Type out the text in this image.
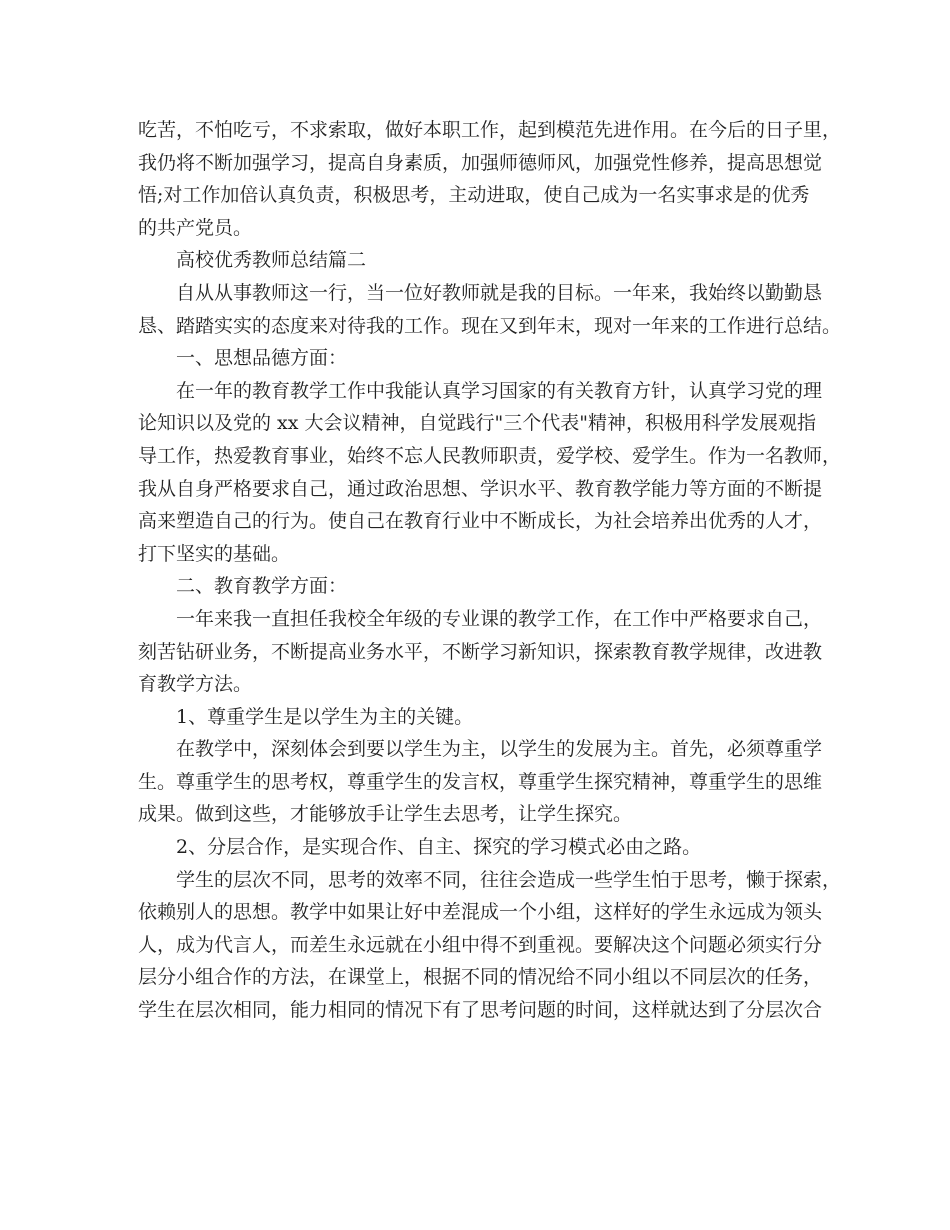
吃苦，不怕吃亏，不求索取，做好本职工作，起到模范先进作用。在今后的日子里，
我仍将不断加强学习，提高自身素质，加强师德师风，加强党性修养，提高思想觉
悟;对工作加倍认真负责，积极思考，主动进取，使自己成为一名实事求是的优秀
的共产党员。
高校优秀教师总结篇二
自从从事教师这一行，当一位好教师就是我的目标。一年来，我始终以勤勤恳
恳、踏踏实实的态度来对待我的工作。现在又到年末，现对一年来的工作进行总结。
一、思想品德方面：
在一年的教育教学工作中我能认真学习国家的有关教育方针，认真学习党的理
论知识以及党的 xx 大会议精神，自觉践行"三个代表"精神，积极用科学发展观指
导工作，热爱教育事业，始终不忘人民教师职责，爱学校、爱学生。作为一名教师，
我从自身严格要求自己，通过政治思想、学识水平、教育教学能力等方面的不断提
高来塑造自己的行为。使自己在教育行业中不断成长，为社会培养出优秀的人才，
打下坚实的基础。
二、教育教学方面：
一年来我一直担任我校全年级的专业课的教学工作，在工作中严格要求自己，
刻苦钻研业务，不断提高业务水平，不断学习新知识，探索教育教学规律，改进教
育教学方法。
1、尊重学生是以学生为主的关键。
在教学中，深刻体会到要以学生为主，以学生的发展为主。首先，必须尊重学
生。尊重学生的思考权，尊重学生的发言权，尊重学生探究精神，尊重学生的思维
成果。做到这些，才能够放手让学生去思考，让学生探究。
2、分层合作，是实现合作、自主、探究的学习模式必由之路。
学生的层次不同，思考的效率不同，往往会造成一些学生怕于思考，懒于探索，
依赖别人的思想。教学中如果让好中差混成一个小组，这样好的学生永远成为领头
人，成为代言人，而差生永远就在小组中得不到重视。要解决这个问题必须实行分
层分小组合作的方法，在课堂上，根据不同的情况给不同小组以不同层次的任务，
学生在层次相同，能力相同的情况下有了思考问题的时间，这样就达到了分层次合
